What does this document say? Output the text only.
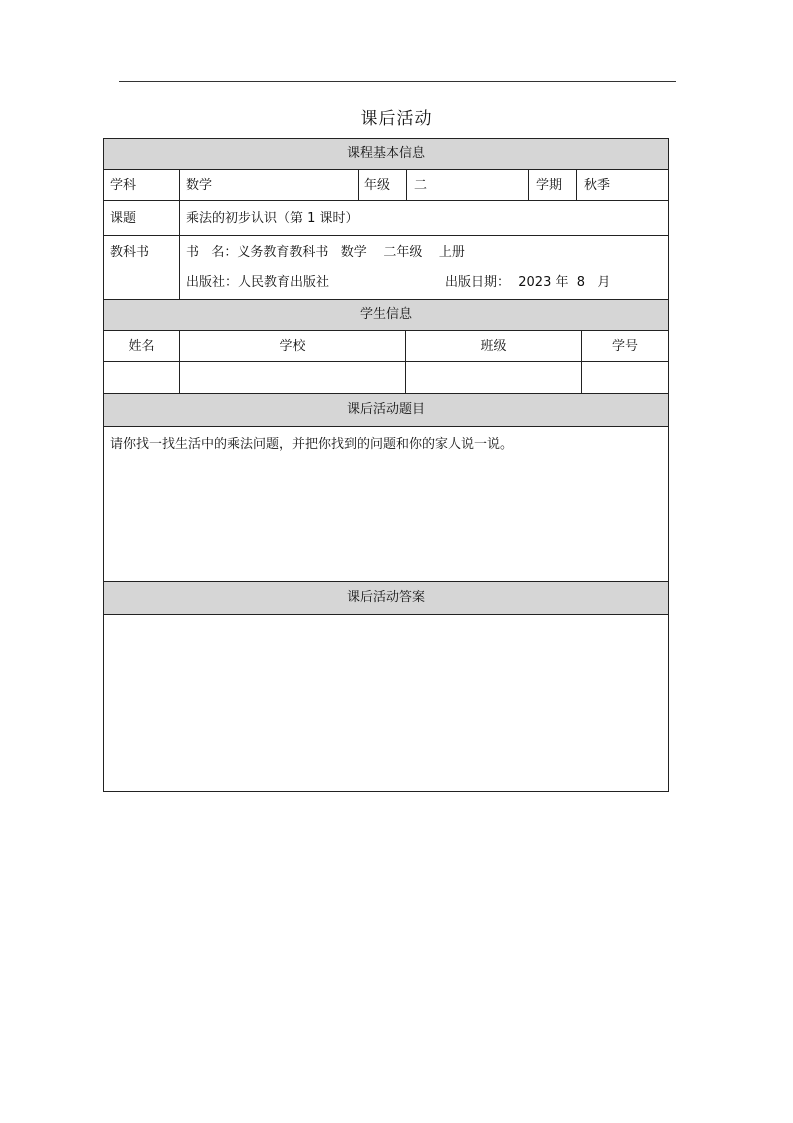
课后活动
课程基本信息
学科	数学	年级 二	学期 秋季
课题	乘法的初步认识（第 1 课时）
教科书	书   名：义务教育教科书   数学    二年级    上册
出版社：人民教育出版社	出版日期：  2023 年  8   月
学生信息
姓名	学校	班级	学号
课后活动题目
请你找一找生活中的乘法问题，并把你找到的问题和你的家人说一说。
课后活动答案
